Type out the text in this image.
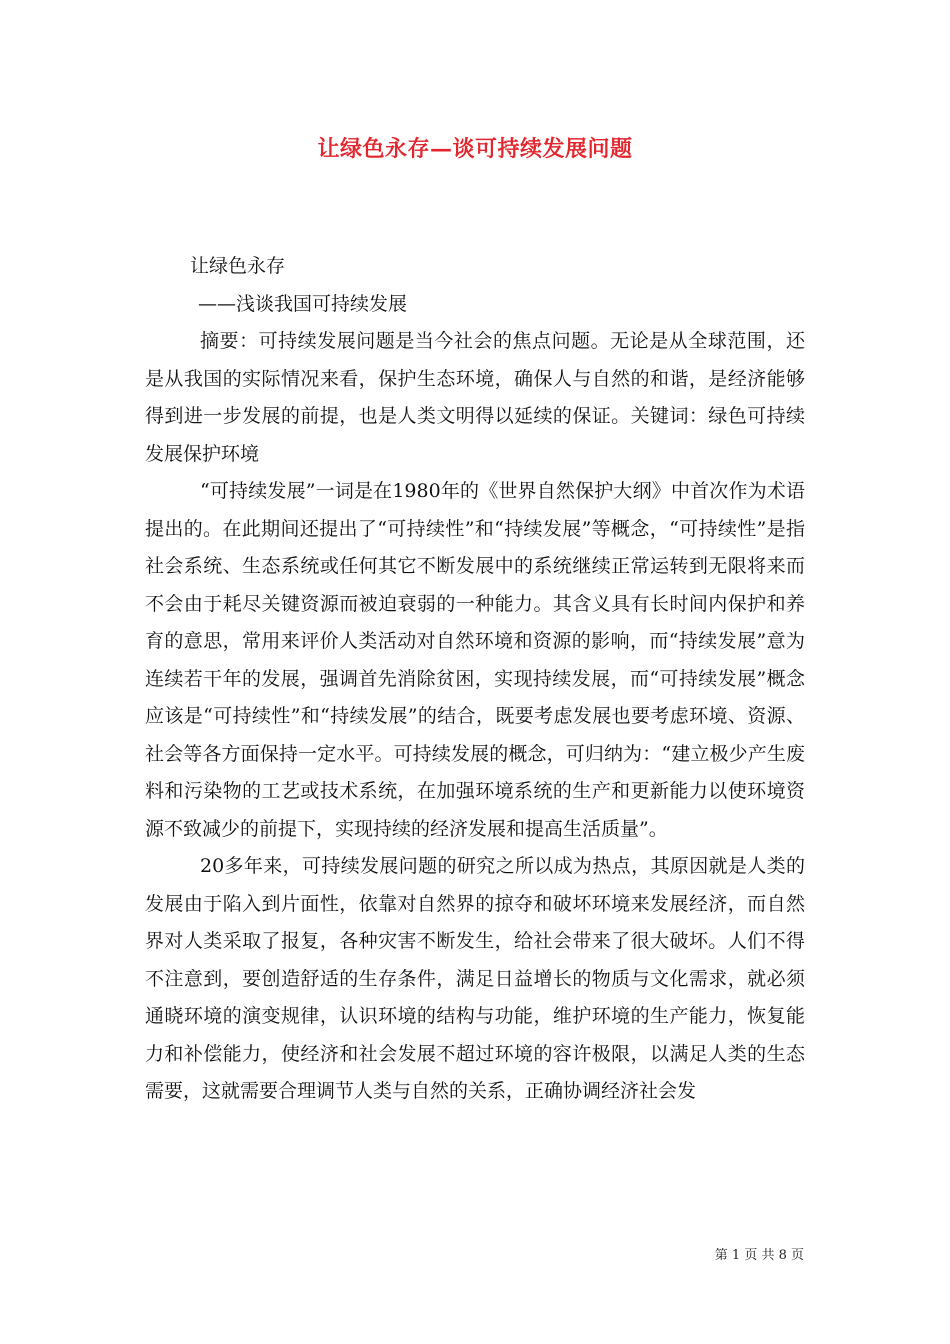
让绿色永存—谈可持续发展问题

让绿色永存

——浅谈我国可持续发展

摘要：可持续发展问题是当今社会的焦点问题。无论是从全球范围，还是从我国的实际情况来看，保护生态环境，确保人与自然的和谐，是经济能够得到进一步发展的前提，也是人类文明得以延续的保证。关键词：绿色可持续发展保护环境

“可持续发展”一词是在1980年的《世界自然保护大纲》中首次作为术语提出的。在此期间还提出了“可持续性”和“持续发展”等概念，“可持续性”是指社会系统、生态系统或任何其它不断发展中的系统继续正常运转到无限将来而不会由于耗尽关键资源而被迫衰弱的一种能力。其含义具有长时间内保护和养育的意思，常用来评价人类活动对自然环境和资源的影响，而“持续发展”意为连续若干年的发展，强调首先消除贫困，实现持续发展，而“可持续发展”概念应该是“可持续性”和“持续发展”的结合，既要考虑发展也要考虑环境、资源、社会等各方面保持一定水平。可持续发展的概念，可归纳为：“建立极少产生废料和污染物的工艺或技术系统，在加强环境系统的生产和更新能力以使环境资源不致减少的前提下，实现持续的经济发展和提高生活质量”。

20多年来，可持续发展问题的研究之所以成为热点，其原因就是人类的发展由于陷入到片面性，依靠对自然界的掠夺和破坏环境来发展经济，而自然界对人类采取了报复，各种灾害不断发生，给社会带来了很大破坏。人们不得不注意到，要创造舒适的生存条件，满足日益增长的物质与文化需求，就必须通晓环境的演变规律，认识环境的结构与功能，维护环境的生产能力，恢复能力和补偿能力，使经济和社会发展不超过环境的容许极限，以满足人类的生态需要，这就需要合理调节人类与自然的关系，正确协调经济社会发

第 1 页 共 8 页
